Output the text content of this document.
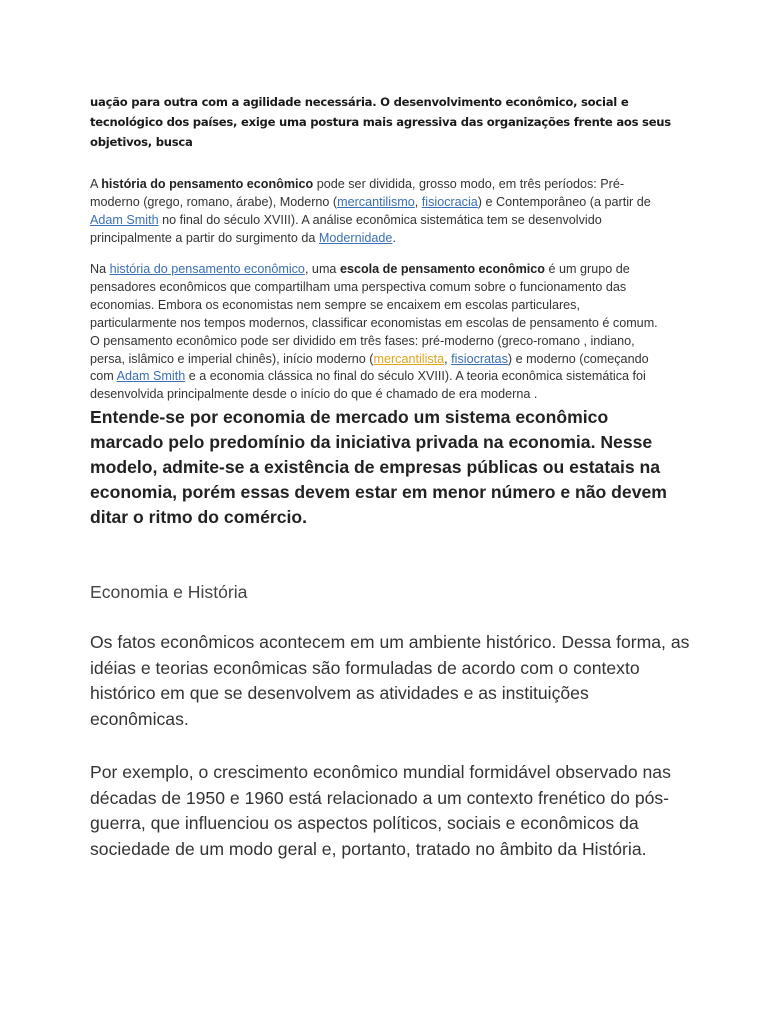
uação para outra com a agilidade necessária. O desenvolvimento econômico, social e tecnológico dos países, exige uma postura mais agressiva das organizações frente aos seus objetivos, busca
A história do pensamento econômico pode ser dividida, grosso modo, em três períodos: Pré-moderno (grego, romano, árabe), Moderno (mercantilismo, fisiocracia) e Contemporâneo (a partir de Adam Smith no final do século XVIII). A análise econômica sistemática tem se desenvolvido principalmente a partir do surgimento da Modernidade.
Na história do pensamento econômico, uma escola de pensamento econômico é um grupo de pensadores econômicos que compartilham uma perspectiva comum sobre o funcionamento das economias. Embora os economistas nem sempre se encaixem em escolas particulares, particularmente nos tempos modernos, classificar economistas em escolas de pensamento é comum. O pensamento econômico pode ser dividido em três fases: pré-moderno (greco-romano , indiano, persa, islâmico e imperial chinês), início moderno (mercantilista, fisiocratas) e moderno (começando com Adam Smith e a economia clássica no final do século XVIII). A teoria econômica sistemática foi desenvolvida principalmente desde o início do que é chamado de era moderna .
Entende-se por economia de mercado um sistema econômico marcado pelo predomínio da iniciativa privada na economia. Nesse modelo, admite-se a existência de empresas públicas ou estatais na economia, porém essas devem estar em menor número e não devem ditar o ritmo do comércio.
Economia e História
Os fatos econômicos acontecem em um ambiente histórico. Dessa forma, as idéias e teorias econômicas são formuladas de acordo com o contexto histórico em que se desenvolvem as atividades e as instituições econômicas.
Por exemplo, o crescimento econômico mundial formidável observado nas décadas de 1950 e 1960 está relacionado a um contexto frenético do pós-guerra, que influenciou os aspectos políticos, sociais e econômicos da sociedade de um modo geral e, portanto, tratado no âmbito da História.
